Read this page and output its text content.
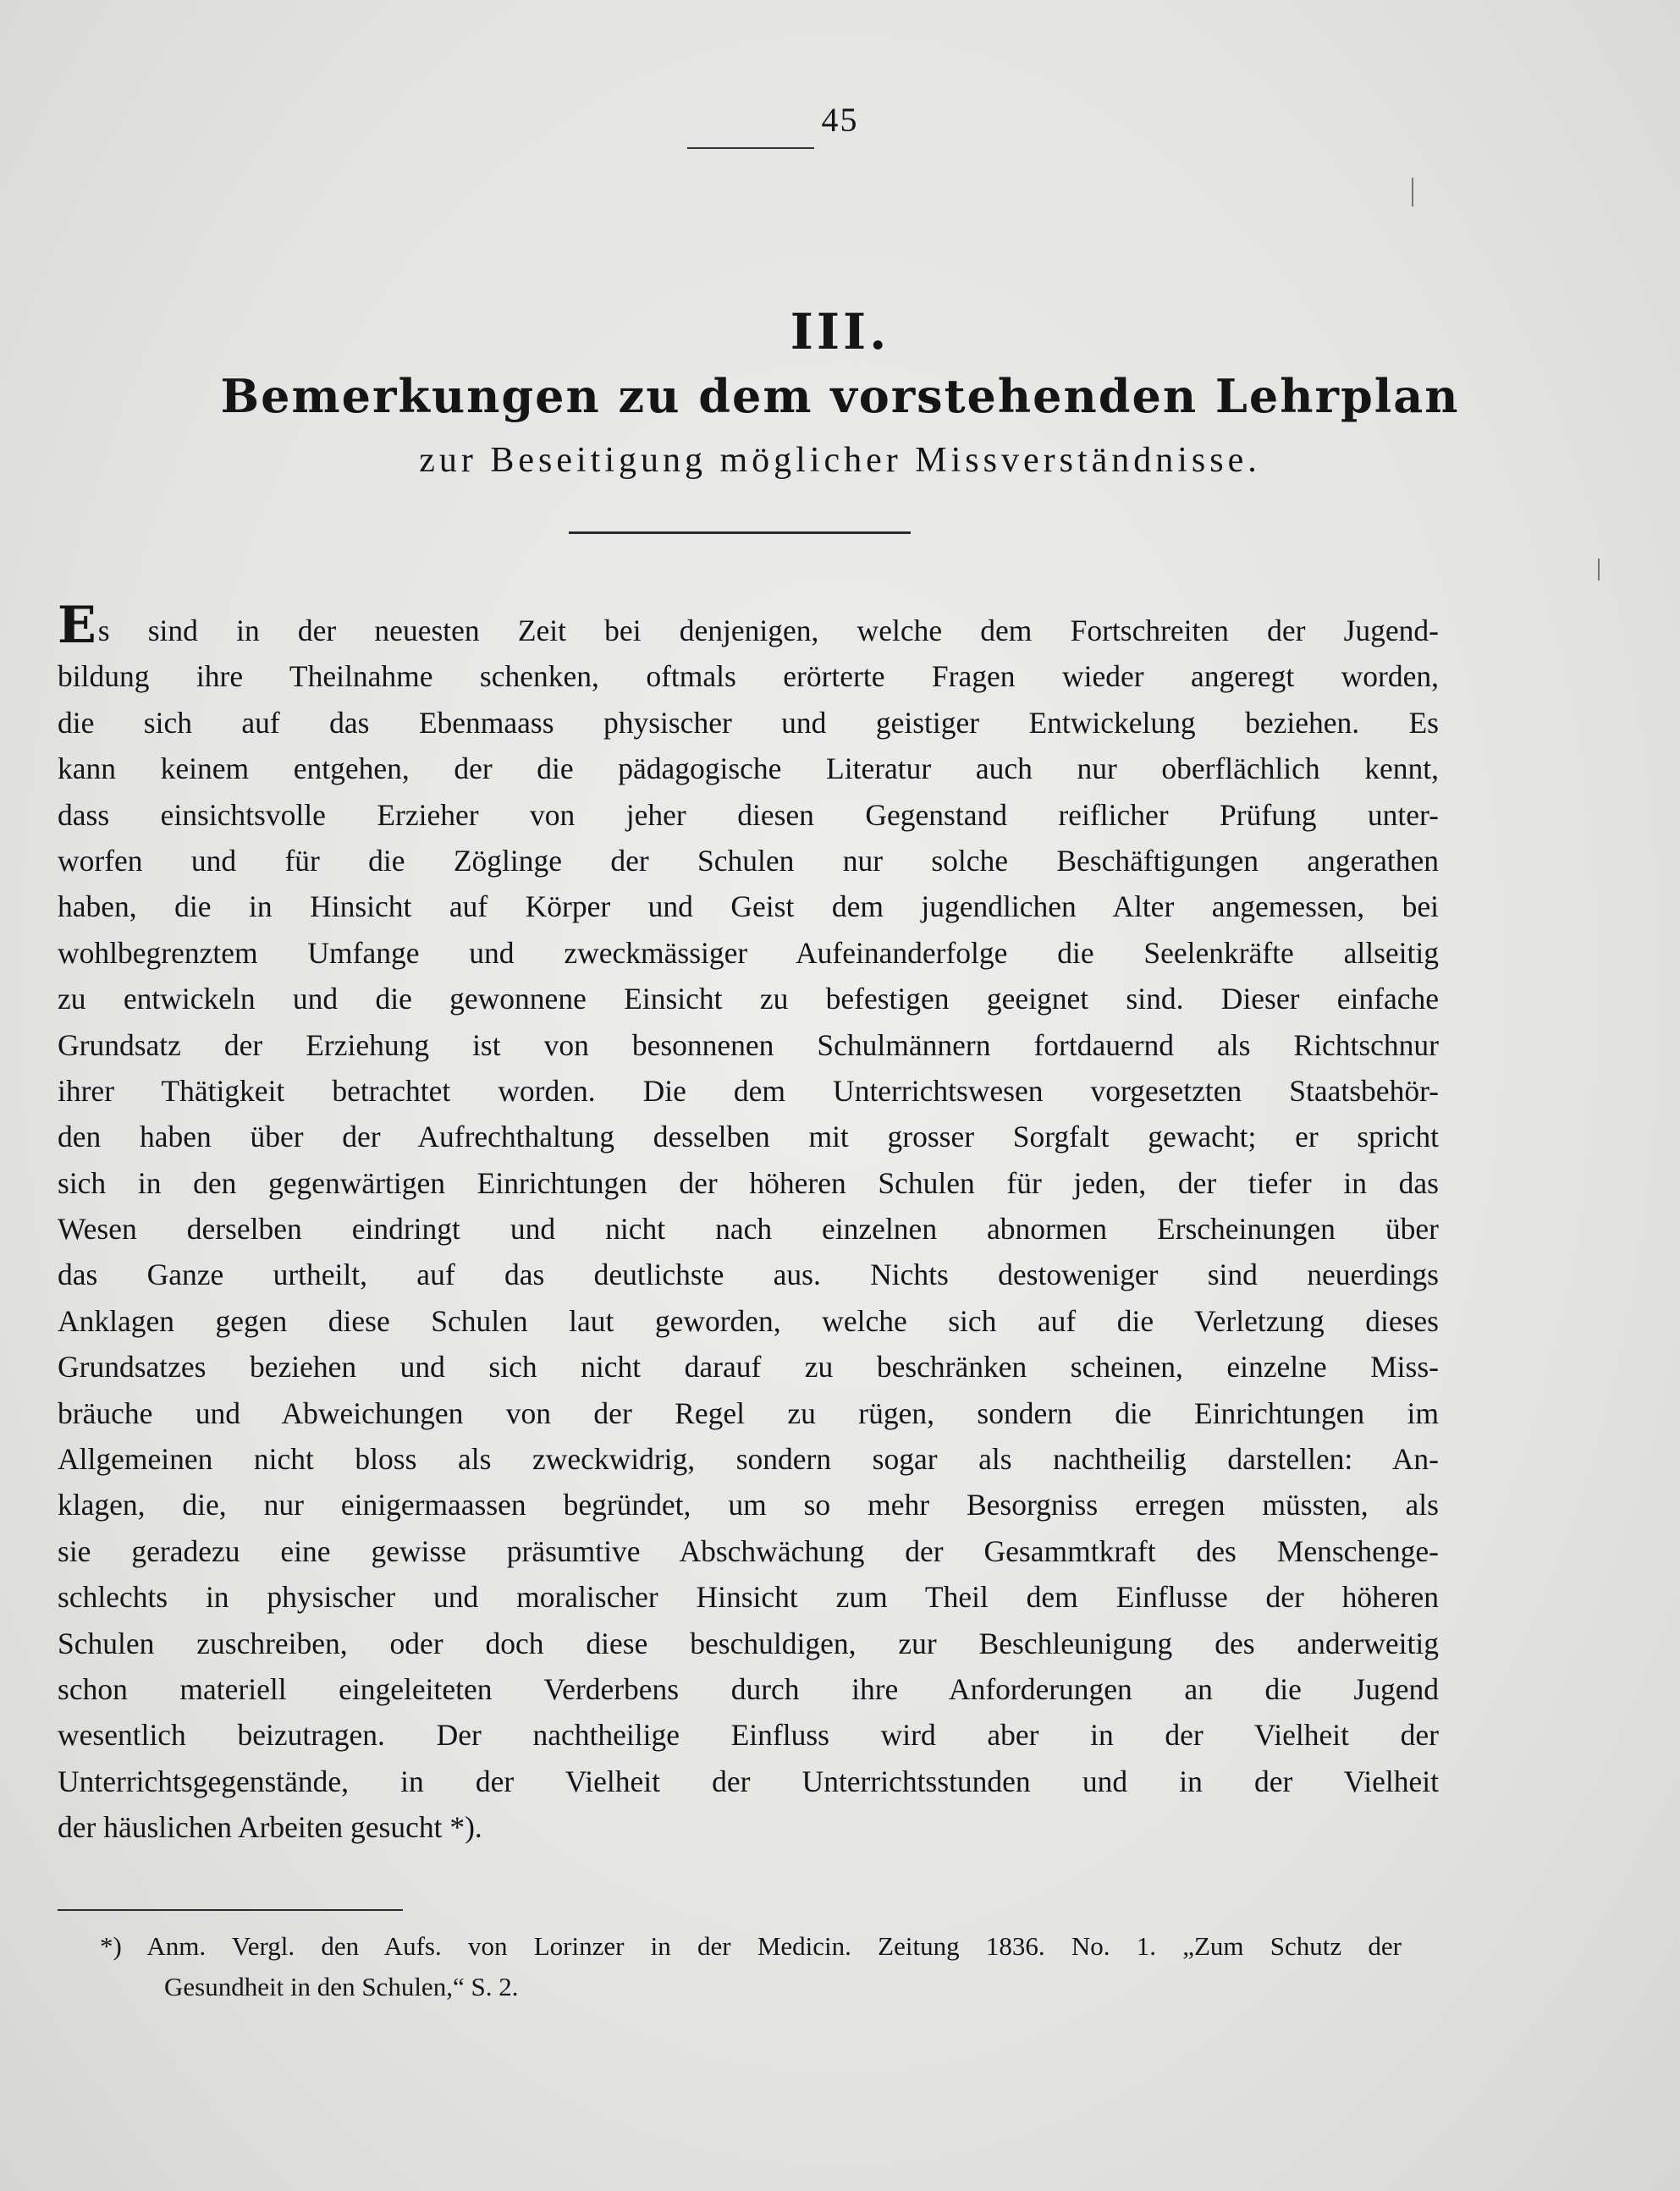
45
III.
Bemerkungen zu dem vorstehenden Lehrplan
zur Beseitigung möglicher Missverständnisse.
Es sind in der neuesten Zeit bei denjenigen, welche dem Fortschreiten der Jugend-
bildung ihre Theilnahme schenken, oftmals erörterte Fragen wieder angeregt worden,
die sich auf das Ebenmaass physischer und geistiger Entwickelung beziehen. Es
kann keinem entgehen, der die pädagogische Literatur auch nur oberflächlich kennt,
dass einsichtsvolle Erzieher von jeher diesen Gegenstand reiflicher Prüfung unter-
worfen und für die Zöglinge der Schulen nur solche Beschäftigungen angerathen
haben, die in Hinsicht auf Körper und Geist dem jugendlichen Alter angemessen, bei
wohlbegrenztem Umfange und zweckmässiger Aufeinanderfolge die Seelenkräfte allseitig
zu entwickeln und die gewonnene Einsicht zu befestigen geeignet sind. Dieser einfache
Grundsatz der Erziehung ist von besonnenen Schulmännern fortdauernd als Richtschnur
ihrer Thätigkeit betrachtet worden. Die dem Unterrichtswesen vorgesetzten Staatsbehör-
den haben über der Aufrechthaltung desselben mit grosser Sorgfalt gewacht; er spricht
sich in den gegenwärtigen Einrichtungen der höheren Schulen für jeden, der tiefer in das
Wesen derselben eindringt und nicht nach einzelnen abnormen Erscheinungen über
das Ganze urtheilt, auf das deutlichste aus. Nichts destoweniger sind neuerdings
Anklagen gegen diese Schulen laut geworden, welche sich auf die Verletzung dieses
Grundsatzes beziehen und sich nicht darauf zu beschränken scheinen, einzelne Miss-
bräuche und Abweichungen von der Regel zu rügen, sondern die Einrichtungen im
Allgemeinen nicht bloss als zweckwidrig, sondern sogar als nachtheilig darstellen: An-
klagen, die, nur einigermaassen begründet, um so mehr Besorgniss erregen müssten, als
sie geradezu eine gewisse präsumtive Abschwächung der Gesammtkraft des Menschenge-
schlechts in physischer und moralischer Hinsicht zum Theil dem Einflusse der höheren
Schulen zuschreiben, oder doch diese beschuldigen, zur Beschleunigung des anderweitig
schon materiell eingeleiteten Verderbens durch ihre Anforderungen an die Jugend
wesentlich beizutragen. Der nachtheilige Einfluss wird aber in der Vielheit der
Unterrichtsgegenstände, in der Vielheit der Unterrichtsstunden und in der Vielheit
der häuslichen Arbeiten gesucht *).
*) Anm. Vergl. den Aufs. von Lorinzer in der Medicin. Zeitung 1836. No. 1. „Zum Schutz der
Gesundheit in den Schulen,“ S. 2.
